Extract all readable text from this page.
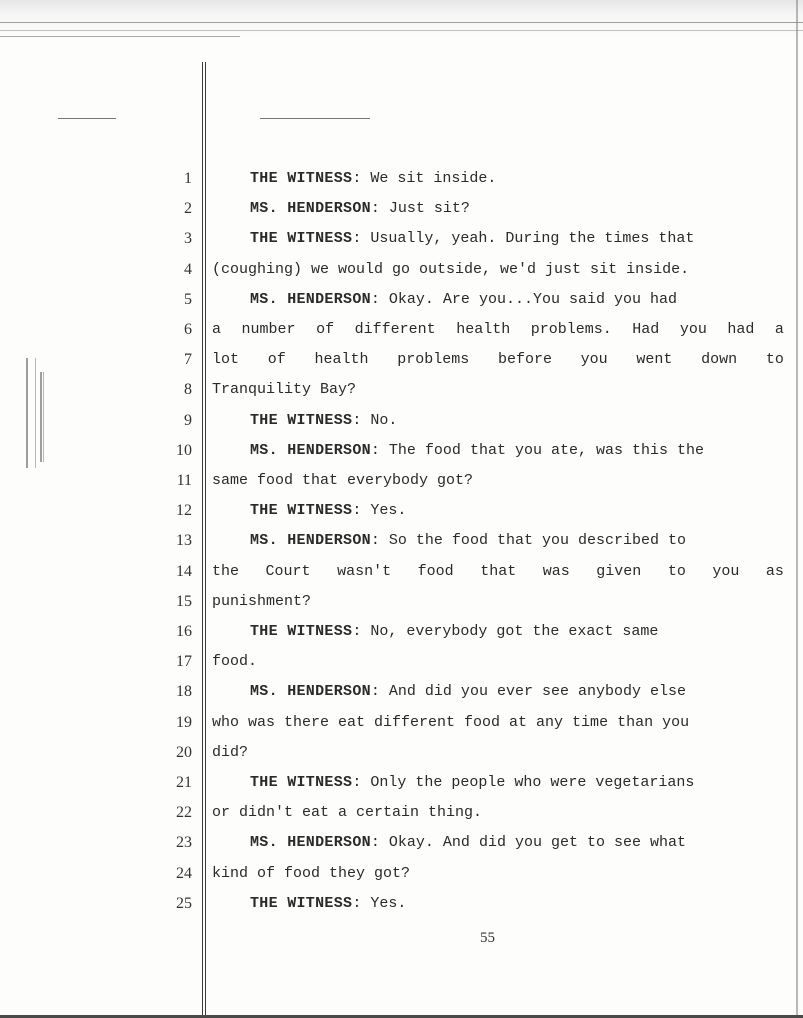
1	THE WITNESS: We sit inside.
2	MS. HENDERSON: Just sit?
3	THE WITNESS: Usually, yeah. During the times that
4 (coughing) we would go outside, we'd just sit inside.
5	MS. HENDERSON: Okay. Are you...You said you had
6 a number of different health problems. Had you had a
7 lot of health problems before you went down to
8 Tranquility Bay?
9	THE WITNESS: No.
10	MS. HENDERSON: The food that you ate, was this the
11 same food that everybody got?
12	THE WITNESS: Yes.
13	MS. HENDERSON: So the food that you described to
14 the Court wasn't food that was given to you as
15 punishment?
16	THE WITNESS: No, everybody got the exact same
17 food.
18	MS. HENDERSON: And did you ever see anybody else
19 who was there eat different food at any time than you
20 did?
21	THE WITNESS: Only the people who were vegetarians
22 or didn't eat a certain thing.
23	MS. HENDERSON: Okay. And did you get to see what
24 kind of food they got?
25	THE WITNESS: Yes.
55
